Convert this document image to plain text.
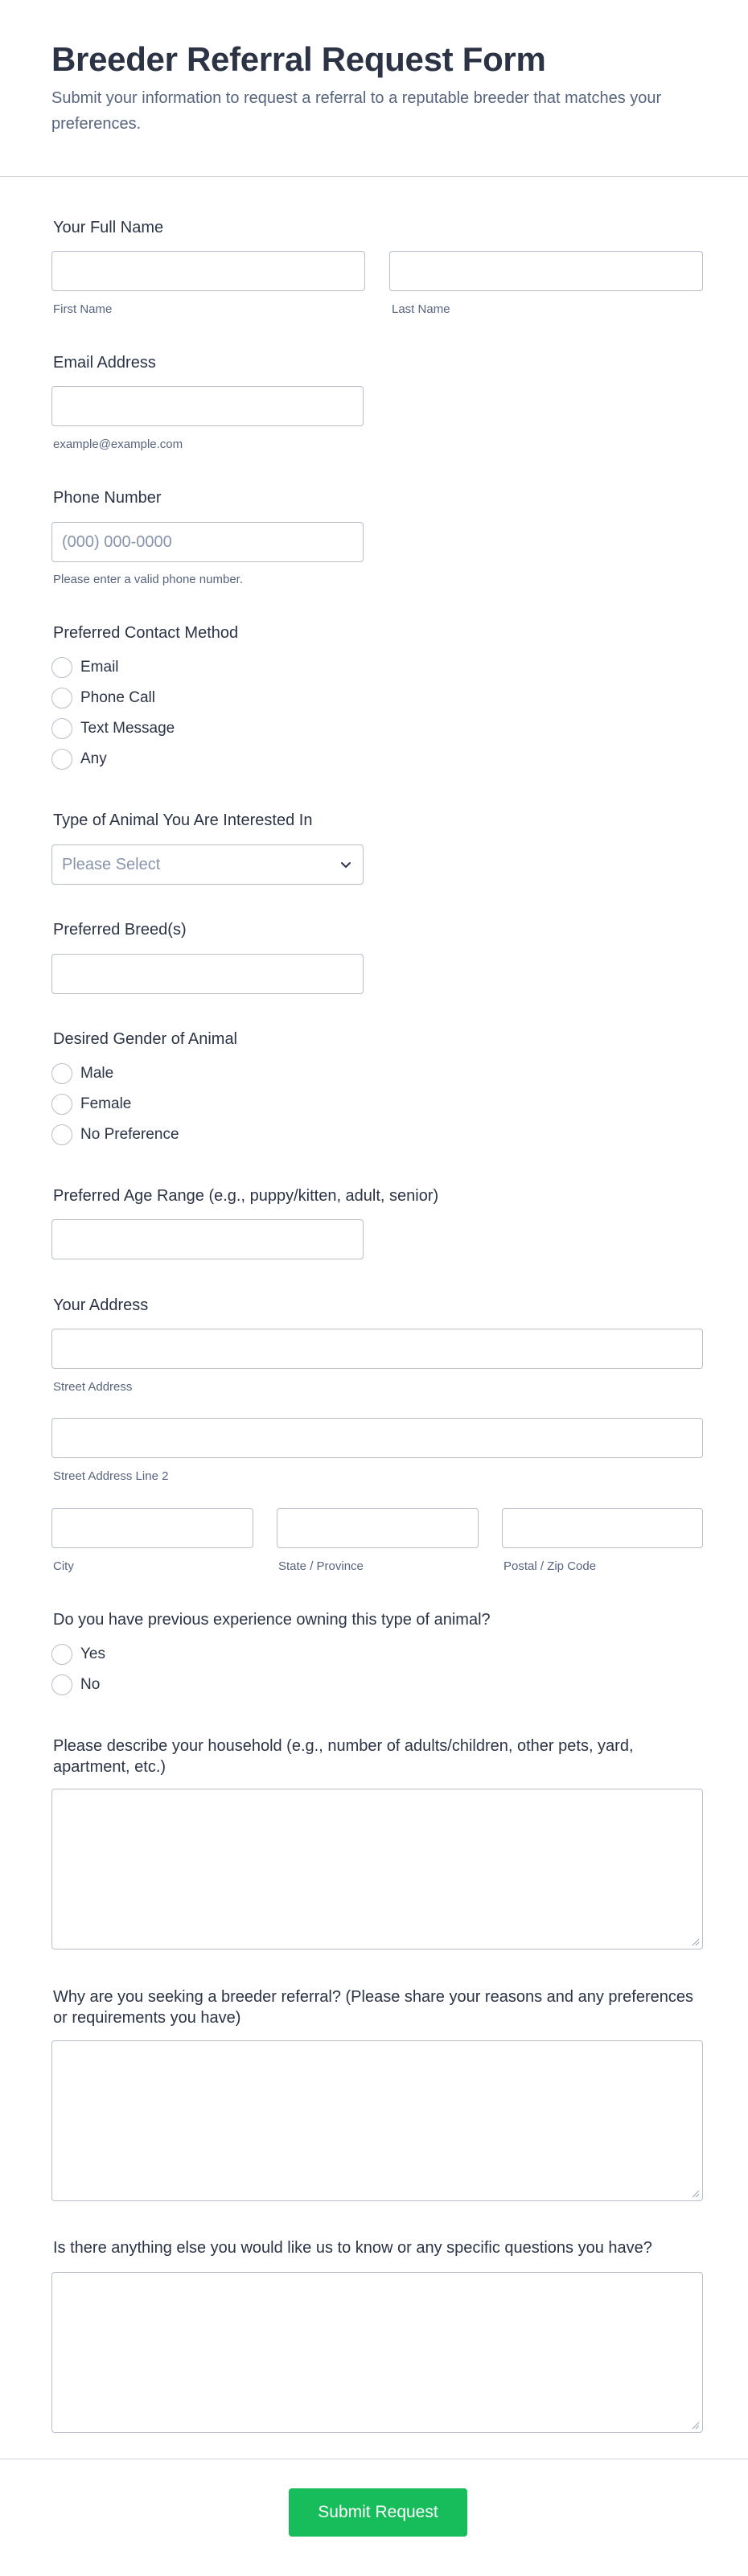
Breeder Referral Request Form

Submit your information to request a referral to a reputable breeder that matches your preferences.

Your Full Name
First Name	Last Name
Email Address
example@example.com
Phone Number
(000) 000-0000
Please enter a valid phone number.
Preferred Contact Method
Email
Phone Call
Text Message
Any
Type of Animal You Are Interested In
Please Select
Preferred Breed(s)
Desired Gender of Animal
Male
Female
No Preference
Preferred Age Range (e.g., puppy/kitten, adult, senior)
Your Address
Street Address
Street Address Line 2
City	State / Province	Postal / Zip Code
Do you have previous experience owning this type of animal?
Yes
No
Please describe your household (e.g., number of adults/children, other pets, yard, apartment, etc.)
Why are you seeking a breeder referral? (Please share your reasons and any preferences or requirements you have)
Is there anything else you would like us to know or any specific questions you have?
Submit Request
